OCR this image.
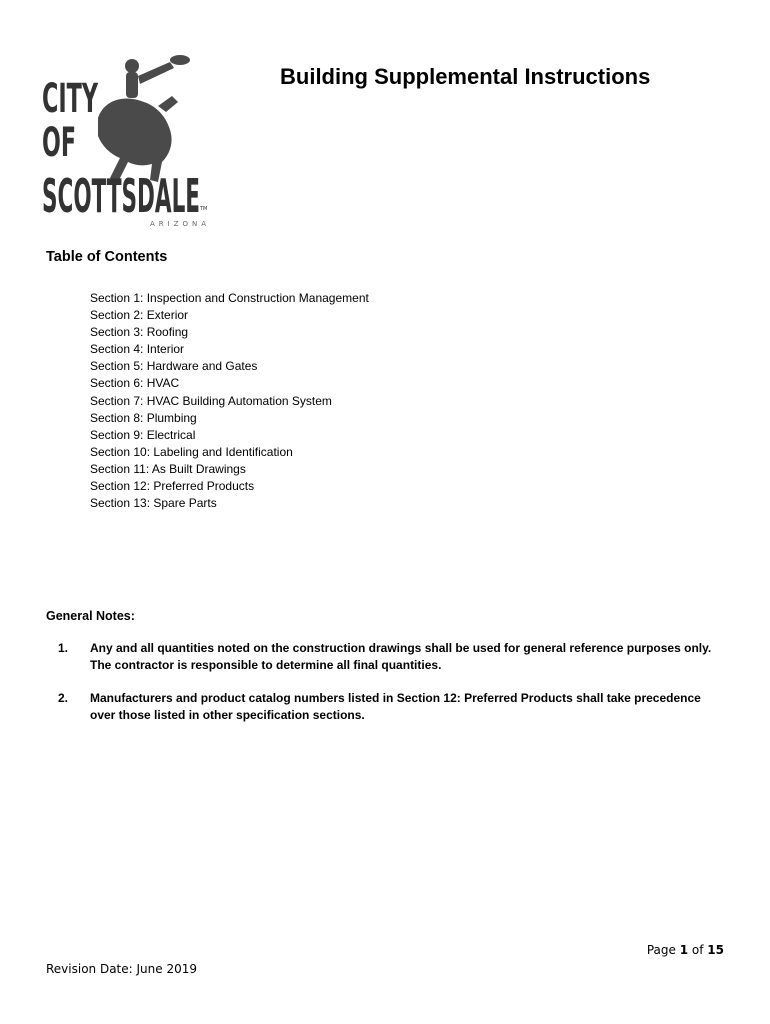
CITY
OF
SCOTTSDALE
ARIZONA
TM
Building Supplemental Instructions
Table of Contents
Section 1: Inspection and Construction Management
Section 2: Exterior
Section 3: Roofing
Section 4: Interior
Section 5: Hardware and Gates
Section 6: HVAC
Section 7: HVAC Building Automation System
Section 8: Plumbing
Section 9: Electrical
Section 10: Labeling and Identification
Section 11: As Built Drawings
Section 12: Preferred Products
Section 13: Spare Parts
General Notes:
1. Any and all quantities noted on the construction drawings shall be used for general reference purposes only. The contractor is responsible to determine all final quantities.
2. Manufacturers and product catalog numbers listed in Section 12: Preferred Products shall take precedence over those listed in other specification sections.
Page 1 of 15
Revision Date: June 2019
